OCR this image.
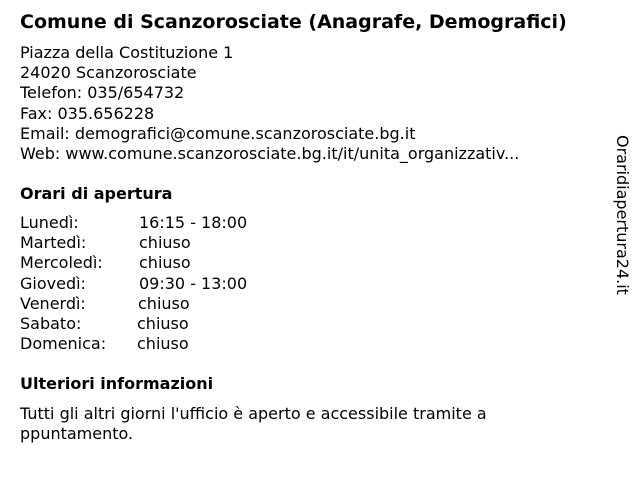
Comune di Scanzorosciate (Anagrafe, Demografici)
Piazza della Costituzione 1
24020 Scanzorosciate
Telefon: 035/654732
Fax: 035.656228
Email: demografici@comune.scanzorosciate.bg.it
Web: www.comune.scanzorosciate.bg.it/it/unita_organizzativ...
Orari di apertura
Lunedì:	16:15 - 18:00
Martedì:	chiuso
Mercoledì: chiuso
Giovedì:	09:30 - 13:00
Venerdì:	chiuso
Sabato:	chiuso
Domenica: chiuso
Ulteriori informazioni
Tutti gli altri giorni l'ufficio è aperto e accessibile tramite a ppuntamento.
Oraridiapertura24.it
